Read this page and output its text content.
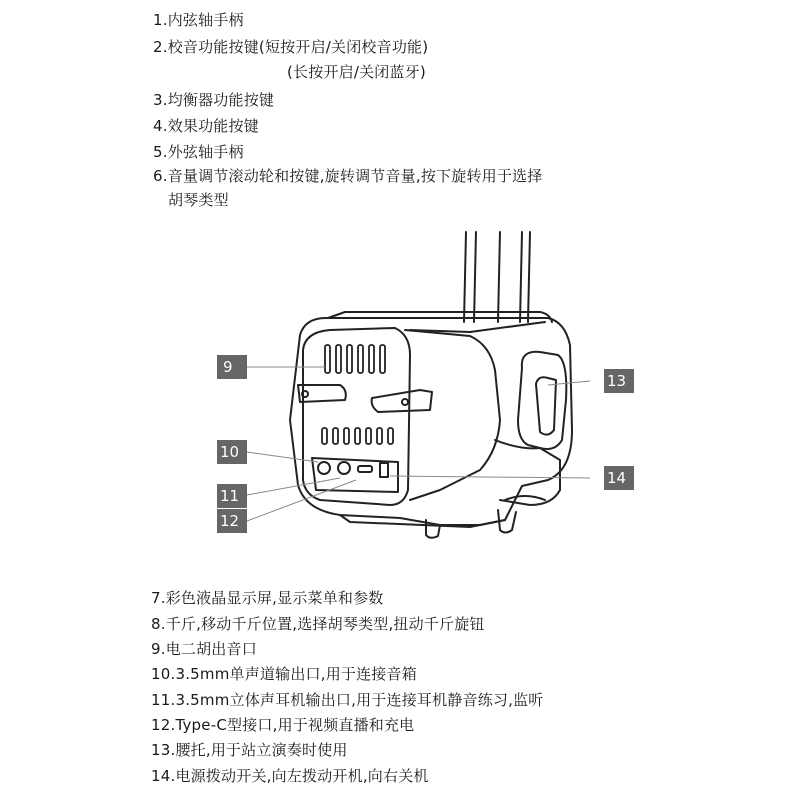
1.内弦轴手柄
2.校音功能按键(短按开启/关闭校音功能)
(长按开启/关闭蓝牙)
3.均衡器功能按键
4.效果功能按键
5.外弦轴手柄
6.音量调节滚动轮和按键,旋转调节音量,按下旋转用于选择
胡琴类型
9
10
11
12
13
14
7.彩色液晶显示屏,显示菜单和参数
8.千斤,移动千斤位置,选择胡琴类型,扭动千斤旋钮
9.电二胡出音口
10.3.5mm单声道输出口,用于连接音箱
11.3.5mm立体声耳机输出口,用于连接耳机静音练习,监听
12.Type-C型接口,用于视频直播和充电
13.腰托,用于站立演奏时使用
14.电源拨动开关,向左拨动开机,向右关机
